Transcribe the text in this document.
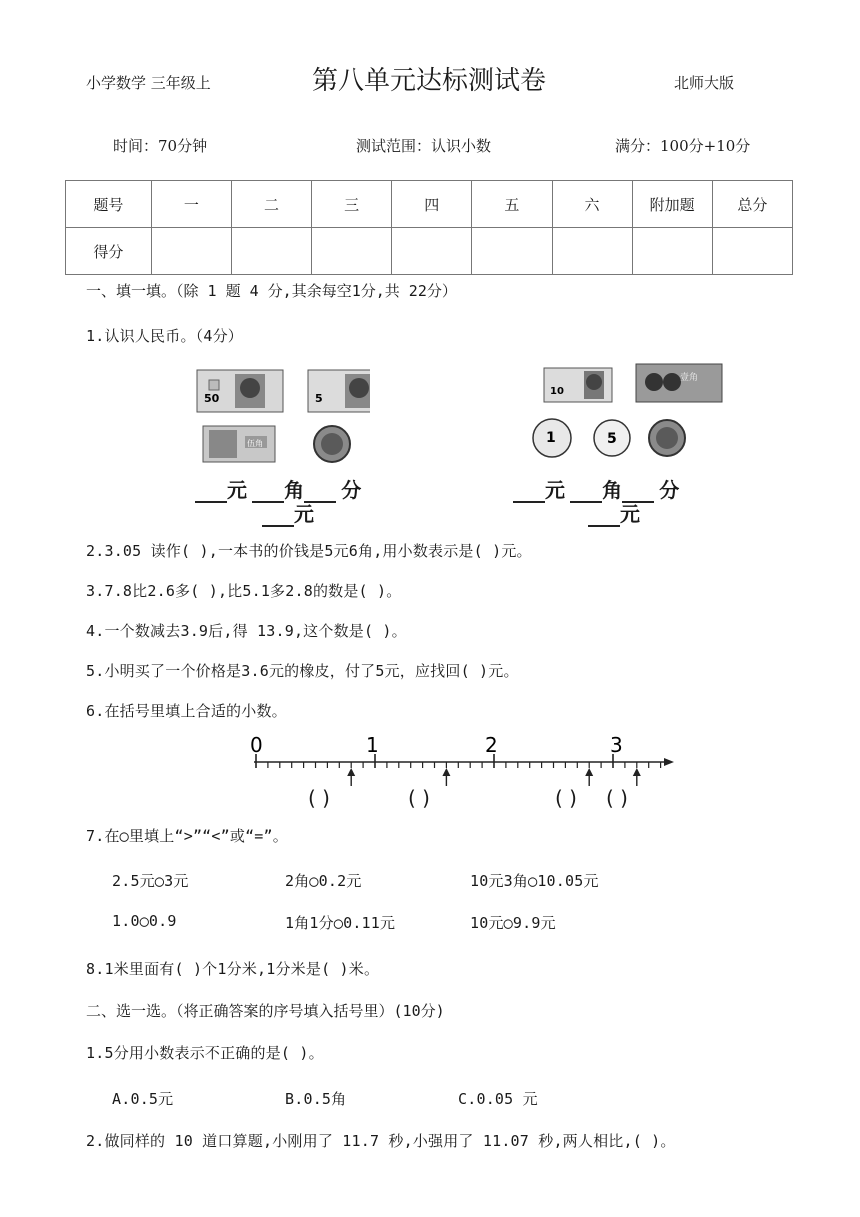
小学数学 三年级上	第八单元达标测试卷	北师大版
时间：70分钟	测试范围：认识小数	满分：100分+10分
题号	一	二	三	四	五	六	附加题	总分
得分								
一、填一填。（除 1 题 4 分,其余每空1分,共 22分）
1.认识人民币。（4分）
50	5
伍角
元 角 分
元
10
壹角
1	5
元 角 分
元
2.3.05 读作( ),一本书的价钱是5元6角,用小数表示是( )元。
3.7.8比2.6多( ),比5.1多2.8的数是( )。
4.一个数减去3.9后,得 13.9,这个数是( )。
5.小明买了一个价格是3.6元的橡皮，付了5元，应找回( )元。
6.在括号里填上合适的小数。
0	1	2	3
( )	( )	( ) ( )
7.在◯里填上“>”“<”或“=”。
2.5元◯3元	2角◯0.2元	10元3角◯10.05元
1.0◯0.9	1角1分◯0.11元	10元◯9.9元
8.1米里面有( )个1分米,1分米是( )米。
二、选一选。（将正确答案的序号填入括号里）(10分)
1.5分用小数表示不正确的是( )。
A.0.5元	B.0.5角	C.0.05 元
2.做同样的 10 道口算题,小刚用了 11.7 秒,小强用了 11.07 秒,两人相比,( )。
